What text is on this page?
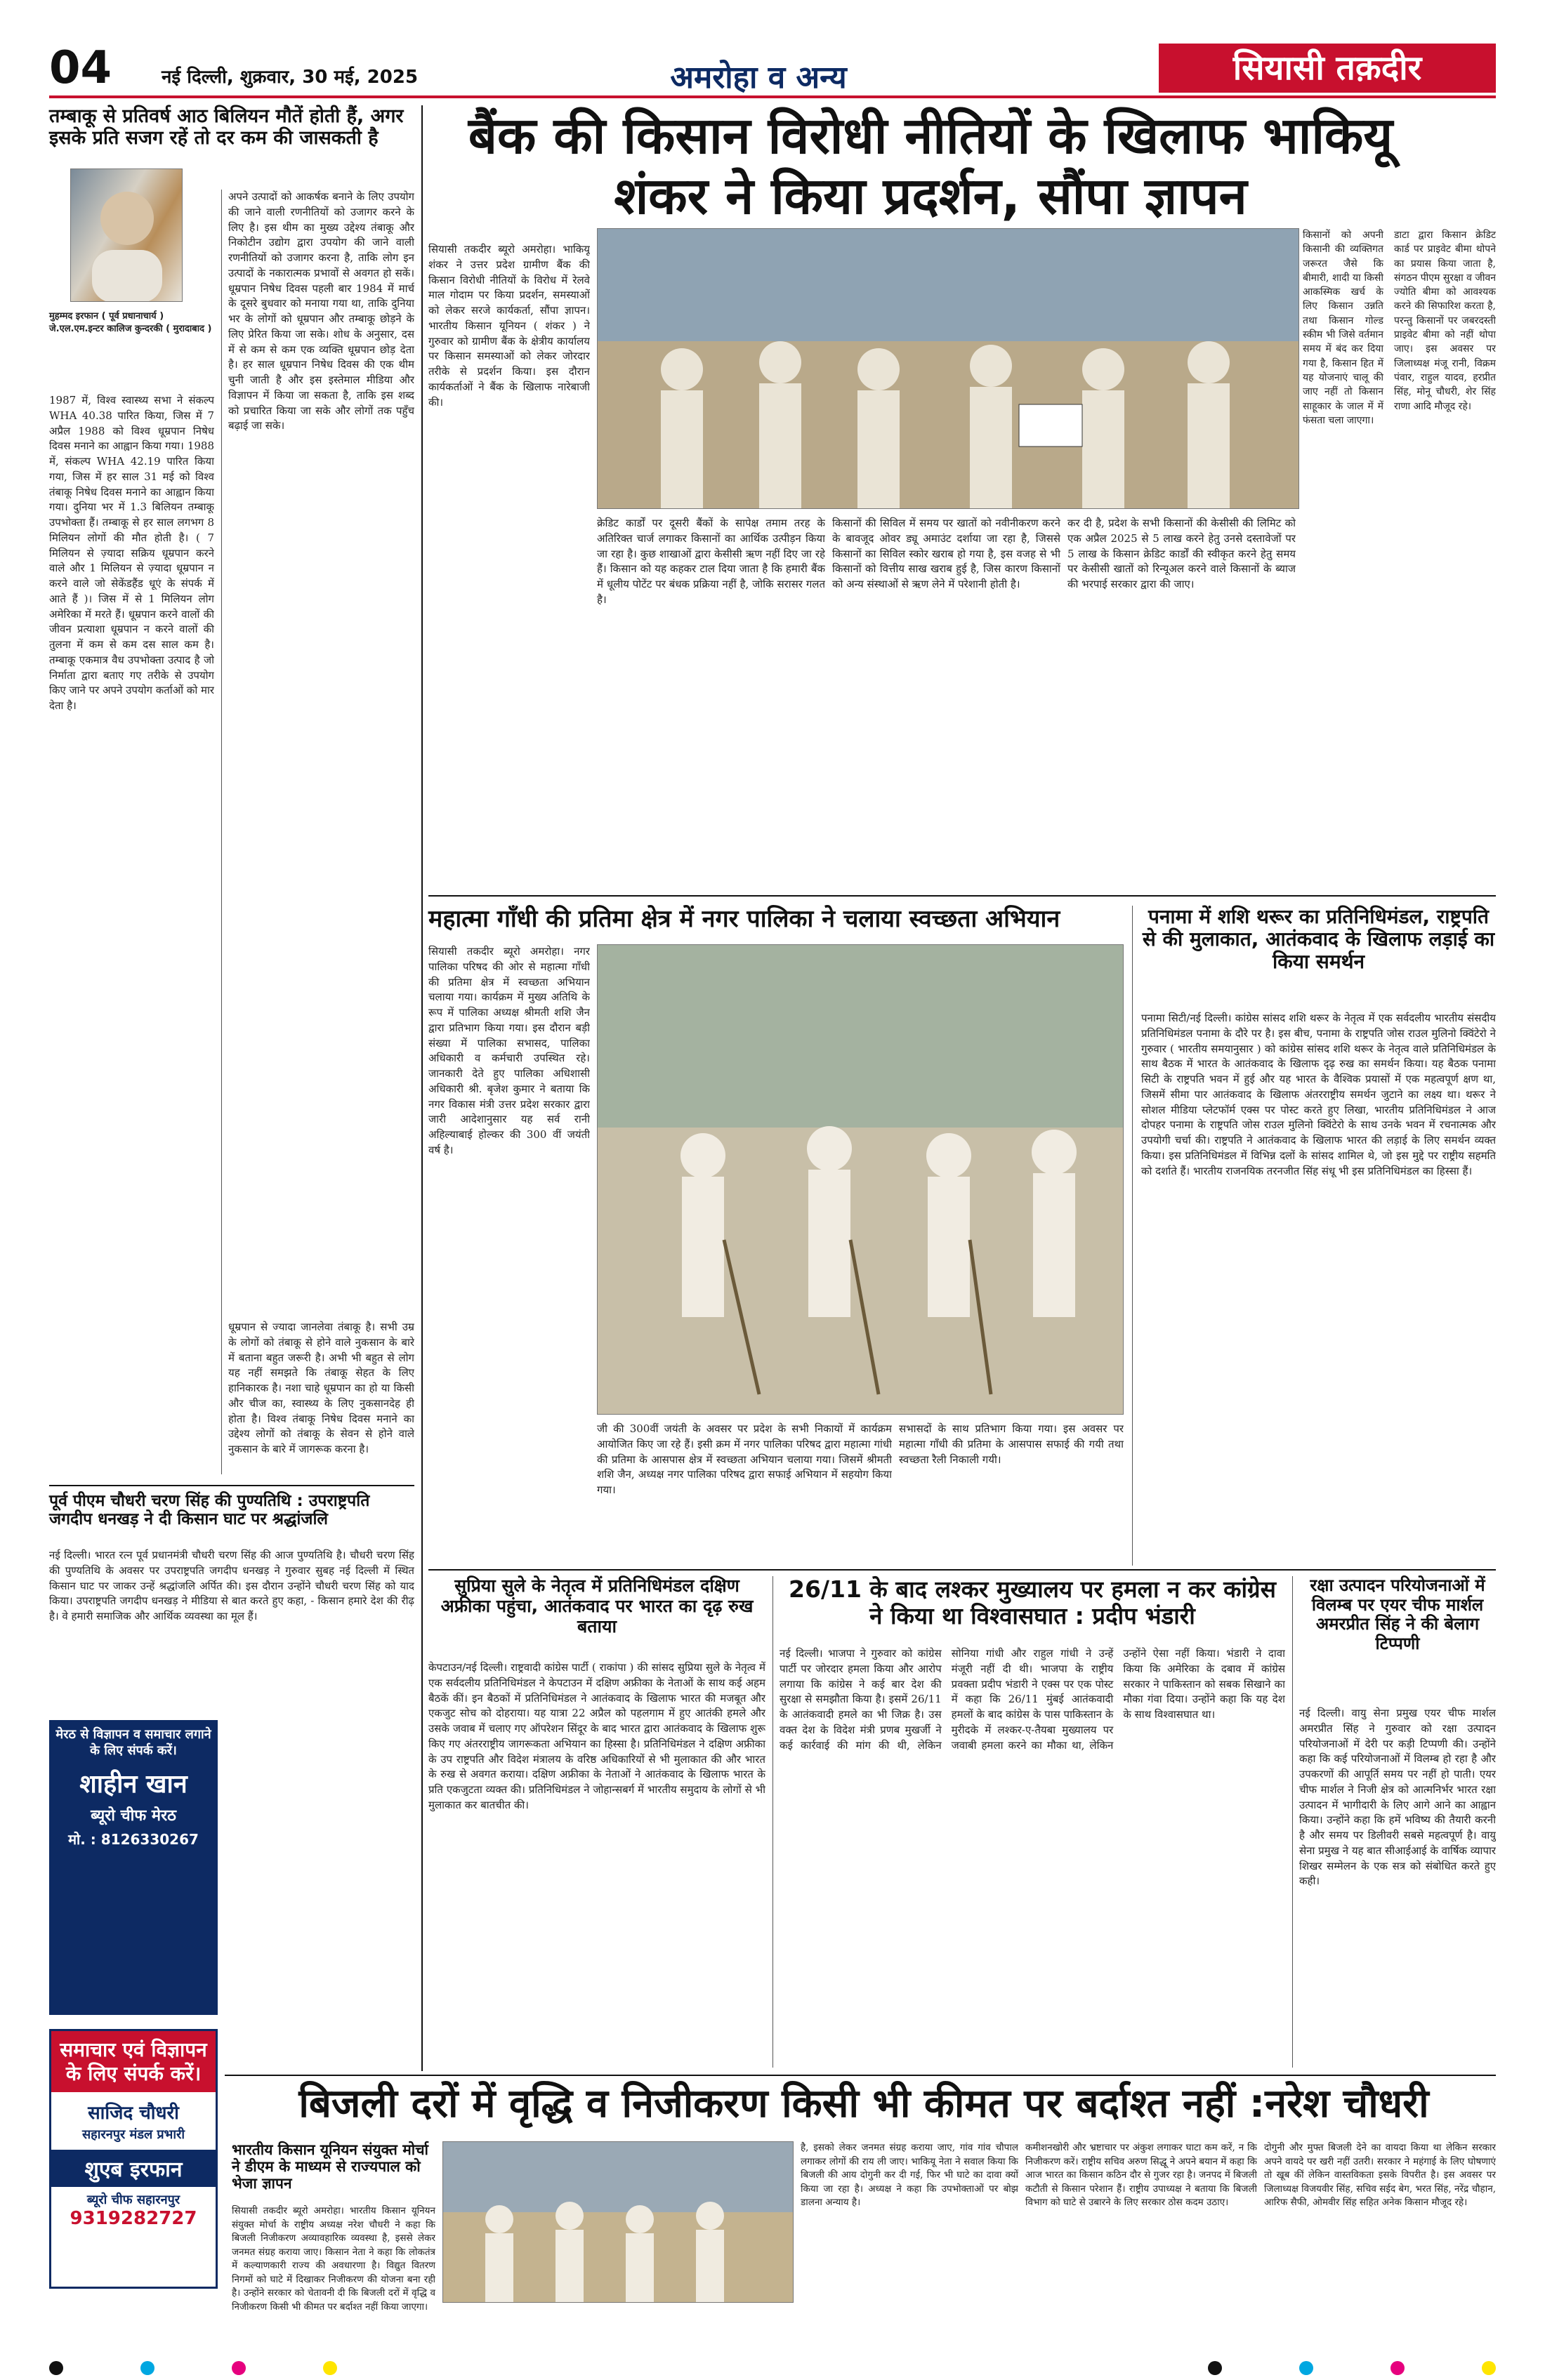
04	नई दिल्ली, शुक्रवार, 30 मई, 2025	अमरोहा व अन्य	सियासी तक़दीर
तम्बाकू से प्रतिवर्ष आठ बिलियन मौतें होती हैं, अगर इसके प्रति सजग रहें तो दर कम की जासकती है
मुहम्मद इरफान ( पूर्व प्रधानाचार्य ) जे.एल.एम.इन्टर कालिज कुन्दरकी ( मुरादाबाद )
1987 में, विश्व स्वास्थ्य सभा ने संकल्प WHA 40.38 पारित किया, जिस में 7 अप्रैल 1988 को विश्व धूम्रपान निषेध दिवस मनाने का आह्वान किया गया। 1988 में, संकल्प WHA 42.19 पारित किया गया, जिस में हर साल 31 मई को विश्व तंबाकू निषेध दिवस मनाने का आह्वान किया गया। दुनिया भर में 1.3 बिलियन तम्बाकू उपभोक्ता हैं। तम्बाकू से हर साल लगभग 8 मिलियन लोगों की मौत होती है। ( 7 मिलियन से ज़्यादा सक्रिय धूम्रपान करने वाले और 1 मिलियन से ज़्यादा धूम्रपान न करने वाले जो सेकेंडहैंड धूएं के संपर्क में आते हैं )। जिस में से 1 मिलियन लोग अमेरिका में मरते हैं। धूम्रपान करने वालों की जीवन प्रत्याशा धूम्रपान न करने वालों की तुलना में कम से कम दस साल कम है। तम्बाकू एकमात्र वैध उपभोक्ता उत्पाद है जो निर्माता द्वारा बताए गए तरीके से उपयोग किए जाने पर अपने उपयोग कर्ताओं को मार देता है।
अपने उत्पादों को आकर्षक बनाने के लिए उपयोग की जाने वाली रणनीतियों को उजागर करने के लिए है। इस थीम का मुख्य उद्देश्य तंबाकू और निकोटीन उद्योग द्वारा उपयोग की जाने वाली रणनीतियों को उजागर करना है, ताकि लोग इन उत्पादों के नकारात्मक प्रभावों से अवगत हो सकें। धूम्रपान निषेध दिवस पहली बार 1984 में मार्च के दूसरे बुधवार को मनाया गया था, ताकि दुनिया भर के लोगों को धूम्रपान और तम्बाकू छोड़ने के लिए प्रेरित किया जा सके। शोध के अनुसार, दस में से कम से कम एक व्यक्ति धूम्रपान छोड़ देता है। हर साल धूम्रपान निषेध दिवस की एक थीम चुनी जाती है और इस इस्तेमाल मीडिया और विज्ञापन में किया जा सकता है, ताकि इस शब्द को प्रचारित किया जा सके और लोगों तक पहुँच बढ़ाई जा सके।
धूम्रपान से ज्यादा जानलेवा तंबाकू है। सभी उम्र के लोगों को तंबाकू से होने वाले नुकसान के बारे में बताना बहुत जरूरी है। अभी भी बहुत से लोग यह नहीं समझते कि तंबाकू सेहत के लिए हानिकारक है। नशा चाहे धूम्रपान का हो या किसी और चीज का, स्वास्थ्य के लिए नुकसानदेह ही होता है। विश्व तंबाकू निषेध दिवस मनाने का उद्देश्य लोगों को तंबाकू के सेवन से होने वाले नुकसान के बारे में जागरूक करना है।
पूर्व पीएम चौधरी चरण सिंह की पुण्यतिथि : उपराष्ट्रपति जगदीप धनखड़ ने दी किसान घाट पर श्रद्धांजलि
नई दिल्ली। भारत रत्न पूर्व प्रधानमंत्री चौधरी चरण सिंह की आज पुण्यतिथि है। चौधरी चरण सिंह की पुण्यतिथि के अवसर पर उपराष्ट्रपति जगदीप धनखड़ ने गुरुवार सुबह नई दिल्ली में स्थित किसान घाट पर जाकर उन्हें श्रद्धांजलि अर्पित की। इस दौरान उन्होंने चौधरी चरण सिंह को याद किया। उपराष्ट्रपति जगदीप धनखड़ ने मीडिया से बात करते हुए कहा, - किसान हमारे देश की रीढ़ है। वे हमारी समाजिक और आर्थिक व्यवस्था का मूल हैं।
मेरठ से विज्ञापन व समाचार लगाने के लिए संपर्क करें।
शाहीन खान
ब्यूरो चीफ मेरठ
मो. : 8126330267
समाचार एवं विज्ञापन के लिए संपर्क करें।
साजिद चौधरी
सहारनपुर मंडल प्रभारी
शुएब इरफान
ब्यूरो चीफ सहारनपुर
9319282727
बैंक की किसान विरोधी नीतियों के खिलाफ भाकियू शंकर ने किया प्रदर्शन, सौंपा ज्ञापन
सियासी तकदीर ब्यूरो अमरोहा। भाकियू शंकर ने उत्तर प्रदेश ग्रामीण बैंक की किसान विरोधी नीतियों के विरोध में रेलवे माल गोदाम पर किया प्रदर्शन, समस्याओं को लेकर सरजे कार्यकर्ता, सौंपा ज्ञापन। भारतीय किसान यूनियन ( शंकर ) ने गुरुवार को ग्रामीण बैंक के क्षेत्रीय कार्यालय पर किसान समस्याओं को लेकर जोरदार तरीके से प्रदर्शन किया। इस दौरान कार्यकर्ताओं ने बैंक के खिलाफ नारेबाजी की।
क्रेडिट कार्डों पर दूसरी बैंकों के सापेक्ष तमाम तरह के अतिरिक्त चार्ज लगाकर किसानों का आर्थिक उत्पीड़न किया जा रहा है। कुछ शाखाओं द्वारा केसीसी ऋण नहीं दिए जा रहे हैं। किसान को यह कहकर टाल दिया जाता है कि हमारी बैंक में धूलीय पोटेंट पर बंधक प्रक्रिया नहीं है, जोकि सरासर गलत है।
किसानों की सिविल में समय पर खातों को नवीनीकरण करने के बावजूद ओवर ड्यू अमाउंट दर्शाया जा रहा है, जिससे किसानों का सिविल स्कोर खराब हो गया है, इस वजह से भी किसानों को वित्तीय साख खराब हुई है, जिस कारण किसानों को अन्य संस्थाओं से ऋण लेने में परेशानी होती है।
कर दी है, प्रदेश के सभी किसानों की केसीसी की लिमिट को एक अप्रैल 2025 से 5 लाख करने हेतु उनसे दस्तावेजों पर 5 लाख के किसान क्रेडिट कार्डों की स्वीकृत करने हेतु समय पर केसीसी खातों को रिन्यूअल करने वाले किसानों के ब्याज की भरपाई सरकार द्वारा की जाए।
किसानों को अपनी किसानी की व्यक्तिगत जरूरत जैसे कि बीमारी, शादी या किसी आकस्मिक खर्च के लिए किसान उन्नति तथा किसान गोल्ड स्कीम भी जिसे वर्तमान समय में बंद कर दिया गया है, किसान हित में यह योजनाएं चालू की जाए नहीं तो किसान साहूकार के जाल में में फंसता चला जाएगा।
डाटा द्वारा किसान क्रेडिट कार्ड पर प्राइवेट बीमा थोपने का प्रयास किया जाता है, संगठन पीएम सुरक्षा व जीवन ज्योति बीमा को आवश्यक करने की सिफारिश करता है, परन्तु किसानों पर जबरदस्ती प्राइवेट बीमा को नहीं थोपा जाए। इस अवसर पर जिलाध्यक्ष मंजू रानी, विक्रम पंवार, राहुल यादव, हरप्रीत सिंह, मोनू चौधरी, शेर सिंह राणा आदि मौजूद रहे।
महात्मा गाँधी की प्रतिमा क्षेत्र में नगर पालिका ने चलाया स्वच्छता अभियान
सियासी तकदीर ब्यूरो अमरोहा। नगर पालिका परिषद की ओर से महात्मा गाँधी की प्रतिमा क्षेत्र में स्वच्छता अभियान चलाया गया। कार्यक्रम में मुख्य अतिथि के रूप में पालिका अध्यक्ष श्रीमती शशि जैन द्वारा प्रतिभाग किया गया। इस दौरान बड़ी संख्या में पालिका सभासद, पालिका अधिकारी व कर्मचारी उपस्थित रहे। जानकारी देते हुए पालिका अधिशासी अधिकारी श्री. बृजेश कुमार ने बताया कि नगर विकास मंत्री उत्तर प्रदेश सरकार द्वारा जारी आदेशानुसार यह सर्व रानी अहिल्याबाई होल्कर की 300 वीं जयंती वर्ष है।
जी की 300वीं जयंती के अवसर पर प्रदेश के सभी निकायों में कार्यक्रम आयोजित किए जा रहे हैं। इसी क्रम में नगर पालिका परिषद द्वारा महात्मा गांधी की प्रतिमा के आसपास क्षेत्र में स्वच्छता अभियान चलाया गया। जिसमें श्रीमती शशि जैन, अध्यक्ष नगर पालिका परिषद द्वारा सफाई अभियान में सहयोग किया गया।
सभासदों के साथ प्रतिभाग किया गया। इस अवसर पर महात्मा गाँधी की प्रतिमा के आसपास सफाई की गयी तथा स्वच्छता रैली निकाली गयी।
पनामा में शशि थरूर का प्रतिनिधिमंडल, राष्ट्रपति से की मुलाकात, आतंकवाद के खिलाफ लड़ाई का किया समर्थन
पनामा सिटी/नई दिल्ली। कांग्रेस सांसद शशि थरूर के नेतृत्व में एक सर्वदलीय भारतीय संसदीय प्रतिनिधिमंडल पनामा के दौरे पर है। इस बीच, पनामा के राष्ट्रपति जोस राउल मुलिनो क्विंटेरो ने गुरुवार ( भारतीय समयानुसार ) को कांग्रेस सांसद शशि थरूर के नेतृत्व वाले प्रतिनिधिमंडल के साथ बैठक में भारत के आतंकवाद के खिलाफ दृढ़ रुख का समर्थन किया। यह बैठक पनामा सिटी के राष्ट्रपति भवन में हुई और यह भारत के वैश्विक प्रयासों में एक महत्वपूर्ण क्षण था, जिसमें सीमा पार आतंकवाद के खिलाफ अंतरराष्ट्रीय समर्थन जुटाने का लक्ष्य था। थरूर ने सोशल मीडिया प्लेटफॉर्म एक्स पर पोस्ट करते हुए लिखा, भारतीय प्रतिनिधिमंडल ने आज दोपहर पनामा के राष्ट्रपति जोस राउल मुलिनो क्विंटेरो के साथ उनके भवन में रचनात्मक और उपयोगी चर्चा की। राष्ट्रपति ने आतंकवाद के खिलाफ भारत की लड़ाई के लिए समर्थन व्यक्त किया। इस प्रतिनिधिमंडल में विभिन्न दलों के सांसद शामिल थे, जो इस मुद्दे पर राष्ट्रीय सहमति को दर्शाते हैं। भारतीय राजनयिक तरनजीत सिंह संधू भी इस प्रतिनिधिमंडल का हिस्सा हैं।
सुप्रिया सुले के नेतृत्व में प्रतिनिधिमंडल दक्षिण अफ्रीका पहुंचा, आतंकवाद पर भारत का दृढ़ रुख बताया
केपटाउन/नई दिल्ली। राष्ट्रवादी कांग्रेस पार्टी ( राकांपा ) की सांसद सुप्रिया सुले के नेतृत्व में एक सर्वदलीय प्रतिनिधिमंडल ने केपटाउन में दक्षिण अफ्रीका के नेताओं के साथ कई अहम बैठकें कीं। इन बैठकों में प्रतिनिधिमंडल ने आतंकवाद के खिलाफ भारत की मजबूत और एकजुट सोच को दोहराया। यह यात्रा 22 अप्रैल को पहलगाम में हुए आतंकी हमले और उसके जवाब में चलाए गए ऑपरेशन सिंदूर के बाद भारत द्वारा आतंकवाद के खिलाफ शुरू किए गए अंतरराष्ट्रीय जागरूकता अभियान का हिस्सा है। प्रतिनिधिमंडल ने दक्षिण अफ्रीका के उप राष्ट्रपति और विदेश मंत्रालय के वरिष्ठ अधिकारियों से भी मुलाकात की और भारत के रुख से अवगत कराया। दक्षिण अफ्रीका के नेताओं ने आतंकवाद के खिलाफ भारत के प्रति एकजुटता व्यक्त की। प्रतिनिधिमंडल ने जोहान्सबर्ग में भारतीय समुदाय के लोगों से भी मुलाकात कर बातचीत की।
26/11 के बाद लश्कर मुख्यालय पर हमला न कर कांग्रेस ने किया था विश्वासघात : प्रदीप भंडारी
नई दिल्ली। भाजपा ने गुरुवार को कांग्रेस पार्टी पर जोरदार हमला किया और आरोप लगाया कि कांग्रेस ने कई बार देश की सुरक्षा से समझौता किया है। इसमें 26/11 के आतंकवादी हमले का भी जिक्र है। उस वक्त देश के विदेश मंत्री प्रणब मुखर्जी ने कई कार्रवाई की मांग की थी, लेकिन सोनिया गांधी और राहुल गांधी ने उन्हें मंजूरी नहीं दी थी। भाजपा के राष्ट्रीय प्रवक्ता प्रदीप भंडारी ने एक्स पर एक पोस्ट में कहा कि 26/11 मुंबई आतंकवादी हमलों के बाद कांग्रेस के पास पाकिस्तान के मुरीदके में लश्कर-ए-तैयबा मुख्यालय पर जवाबी हमला करने का मौका था, लेकिन उन्होंने ऐसा नहीं किया। भंडारी ने दावा किया कि अमेरिका के दबाव में कांग्रेस सरकार ने पाकिस्तान को सबक सिखाने का मौका गंवा दिया। उन्होंने कहा कि यह देश के साथ विश्वासघात था।
रक्षा उत्पादन परियोजनाओं में विलम्ब पर एयर चीफ मार्शल अमरप्रीत सिंह ने की बेलाग टिप्पणी
नई दिल्ली। वायु सेना प्रमुख एयर चीफ मार्शल अमरप्रीत सिंह ने गुरुवार को रक्षा उत्पादन परियोजनाओं में देरी पर कड़ी टिप्पणी की। उन्होंने कहा कि कई परियोजनाओं में विलम्ब हो रहा है और उपकरणों की आपूर्ति समय पर नहीं हो पाती। एयर चीफ मार्शल ने निजी क्षेत्र को आत्मनिर्भर भारत रक्षा उत्पादन में भागीदारी के लिए आगे आने का आह्वान किया। उन्होंने कहा कि हमें भविष्य की तैयारी करनी है और समय पर डिलीवरी सबसे महत्वपूर्ण है। वायु सेना प्रमुख ने यह बात सीआईआई के वार्षिक व्यापार शिखर सम्मेलन के एक सत्र को संबोधित करते हुए कही।
बिजली दरों में वृद्धि व निजीकरण किसी भी कीमत पर बर्दाश्त नहीं :नरेश चौधरी
भारतीय किसान यूनियन संयुक्त मोर्चा ने डीएम के माध्यम से राज्यपाल को भेजा ज्ञापन
सियासी तकदीर ब्यूरो अमरोहा। भारतीय किसान यूनियन संयुक्त मोर्चा के राष्ट्रीय अध्यक्ष नरेश चौधरी ने कहा कि बिजली निजीकरण अव्यावहारिक व्यवस्था है, इससे लेकर जनमत संग्रह कराया जाए। किसान नेता ने कहा कि लोकतंत्र में कल्याणकारी राज्य की अवधारणा है। विद्युत वितरण निगमों को घाटे में दिखाकर निजीकरण की योजना बना रही है। उन्होंने सरकार को चेतावनी दी कि बिजली दरों में वृद्धि व निजीकरण किसी भी कीमत पर बर्दाश्त नहीं किया जाएगा।
है, इसको लेकर जनमत संग्रह कराया जाए, गांव गांव चौपाल लगाकर लोगों की राय ली जाए। भाकियू नेता ने सवाल किया कि बिजली की आय दोगुनी कर दी गई, फिर भी घाटे का दावा क्यों किया जा रहा है। अध्यक्ष ने कहा कि उपभोक्ताओं पर बोझ डालना अन्याय है।
कमीशनखोरी और भ्रष्टाचार पर अंकुश लगाकर घाटा कम करें, न कि निजीकरण करें। राष्ट्रीय सचिव अरुण सिद्धू ने अपने बयान में कहा कि आज भारत का किसान कठिन दौर से गुजर रहा है। जनपद में बिजली कटौती से किसान परेशान हैं। राष्ट्रीय उपाध्यक्ष ने बताया कि बिजली विभाग को घाटे से उबारने के लिए सरकार ठोस कदम उठाए।
दोगुनी और मुफ्त बिजली देने का वायदा किया था लेकिन सरकार अपने वायदे पर खरी नहीं उतरी। सरकार ने महंगाई के लिए घोषणाएं तो खूब कीं लेकिन वास्तविकता इसके विपरीत है। इस अवसर पर जिलाध्यक्ष विजयवीर सिंह, सचिव सईद बेग, भरत सिंह, नरेंद्र चौहान, आरिफ सैफी, ओमवीर सिंह सहित अनेक किसान मौजूद रहे।
